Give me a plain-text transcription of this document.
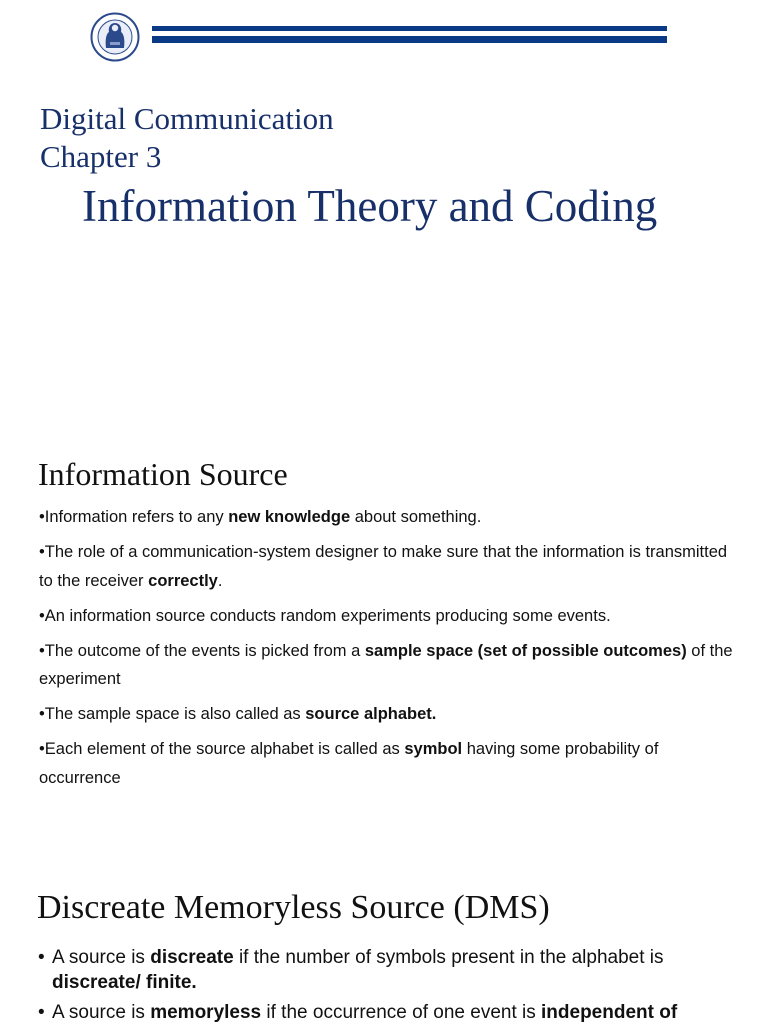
Digital Communication
Chapter 3
Information Theory and Coding
Information Source
•Information refers to any new knowledge about something.
•The role of a communication-system designer to make sure that the information is transmitted to the receiver correctly.
•An information source conducts random experiments producing some events.
•The outcome of the events is picked from a sample space (set of possible outcomes) of the experiment
•The sample space is also called as source alphabet.
•Each element of the source alphabet is called as symbol having some probability of occurrence
Discreate Memoryless Source (DMS)
• A source is discreate if the number of symbols present in the alphabet is discreate/ finite.
• A source is memoryless if the occurrence of one event is independent of
